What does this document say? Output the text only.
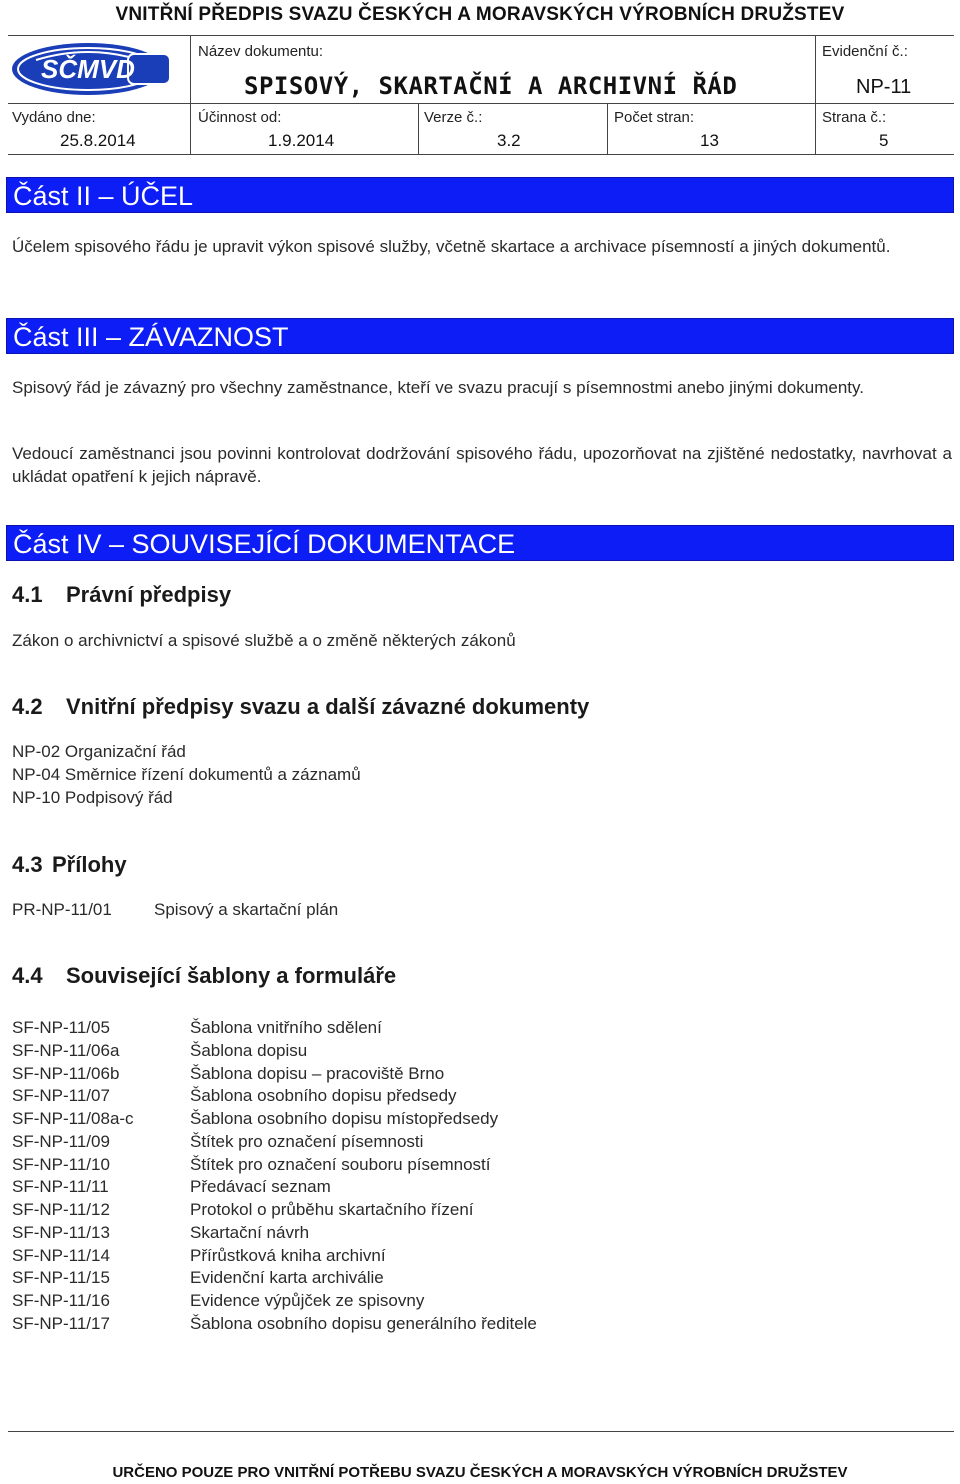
VNITŘNÍ PŘEDPIS SVAZU ČESKÝCH A MORAVSKÝCH VÝROBNÍCH DRUŽSTEV
SČMVD
Název dokumentu:
SPISOVÝ, SKARTAČNÍ A ARCHIVNÍ ŘÁD
Evidenční č.:
NP-11
Vydáno dne:
25.8.2014
Účinnost od:
1.9.2014
Verze č.:
3.2
Počet stran:
13
Strana č.:
5
Část II – ÚČEL
Účelem spisového řádu je upravit výkon spisové služby, včetně skartace a archivace písemností a jiných dokumentů.
Část III – ZÁVAZNOST
Spisový řád je závazný pro všechny zaměstnance, kteří ve svazu pracují s písemnostmi anebo jinými dokumenty.
Vedoucí zaměstnanci jsou povinni kontrolovat dodržování spisového řádu, upozorňovat na zjištěné nedostatky, navrhovat a ukládat opatření k jejich nápravě.
Část IV – SOUVISEJÍCÍ DOKUMENTACE
4.1 Právní předpisy
Zákon o archivnictví a spisové službě a o změně některých zákonů
4.2 Vnitřní předpisy svazu a další závazné dokumenty
NP-02 Organizační řád
NP-04 Směrnice řízení dokumentů a záznamů
NP-10 Podpisový řád
4.3 Přílohy
PR-NP-11/01 Spisový a skartační plán
4.4 Související šablony a formuláře
SF-NP-11/05
SF-NP-11/06a
SF-NP-11/06b
SF-NP-11/07
SF-NP-11/08a-c
SF-NP-11/09
SF-NP-11/10
SF-NP-11/11
SF-NP-11/12
SF-NP-11/13
SF-NP-11/14
SF-NP-11/15
SF-NP-11/16
SF-NP-11/17
Šablona vnitřního sdělení
Šablona dopisu
Šablona dopisu – pracoviště Brno
Šablona osobního dopisu předsedy
Šablona osobního dopisu místopředsedy
Štítek pro označení písemnosti
Štítek pro označení souboru písemností
Předávací seznam
Protokol o průběhu skartačního řízení
Skartační návrh
Přírůstková kniha archivní
Evidenční karta archiválie
Evidence výpůjček ze spisovny
Šablona osobního dopisu generálního ředitele
URČENO POUZE PRO VNITŘNÍ POTŘEBU SVAZU ČESKÝCH A MORAVSKÝCH VÝROBNÍCH DRUŽSTEV
